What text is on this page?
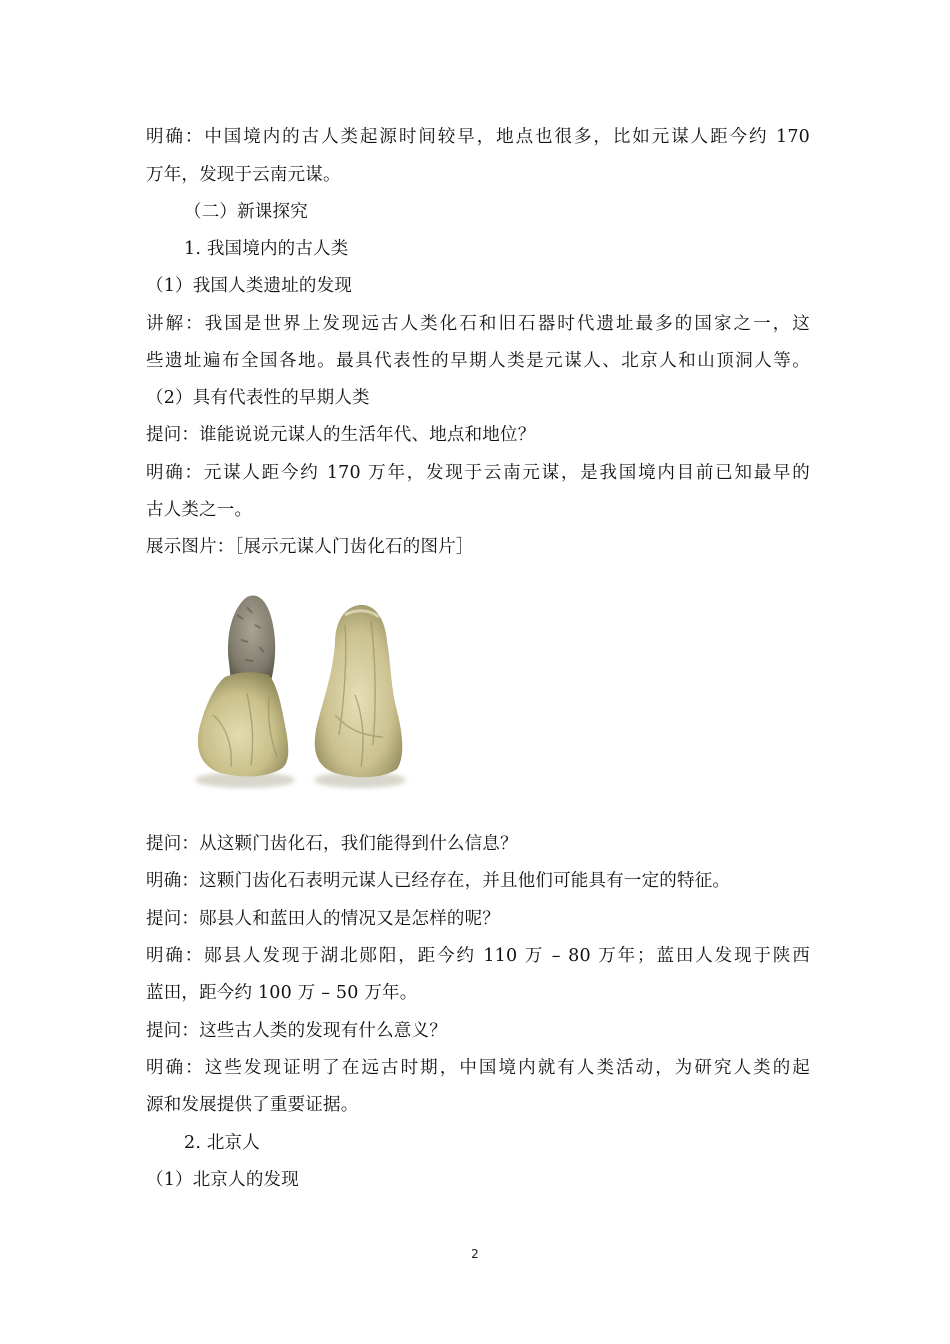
明确：中国境内的古人类起源时间较早，地点也很多，比如元谋人距今约 170
万年，发现于云南元谋。
（二）新课探究
1. 我国境内的古人类
（1）我国人类遗址的发现
讲解：我国是世界上发现远古人类化石和旧石器时代遗址最多的国家之一，这
些遗址遍布全国各地。最具代表性的早期人类是元谋人、北京人和山顶洞人等。
（2）具有代表性的早期人类
提问：谁能说说元谋人的生活年代、地点和地位？
明确：元谋人距今约 170 万年，发现于云南元谋，是我国境内目前已知最早的
古人类之一。
展示图片：［展示元谋人门齿化石的图片］
提问：从这颗门齿化石，我们能得到什么信息？
明确：这颗门齿化石表明元谋人已经存在，并且他们可能具有一定的特征。
提问：郧县人和蓝田人的情况又是怎样的呢？
明确：郧县人发现于湖北郧阳，距今约 110 万 – 80 万年；蓝田人发现于陕西
蓝田，距今约 100 万 – 50 万年。
提问：这些古人类的发现有什么意义？
明确：这些发现证明了在远古时期，中国境内就有人类活动，为研究人类的起
源和发展提供了重要证据。
2. 北京人
（1）北京人的发现
2
